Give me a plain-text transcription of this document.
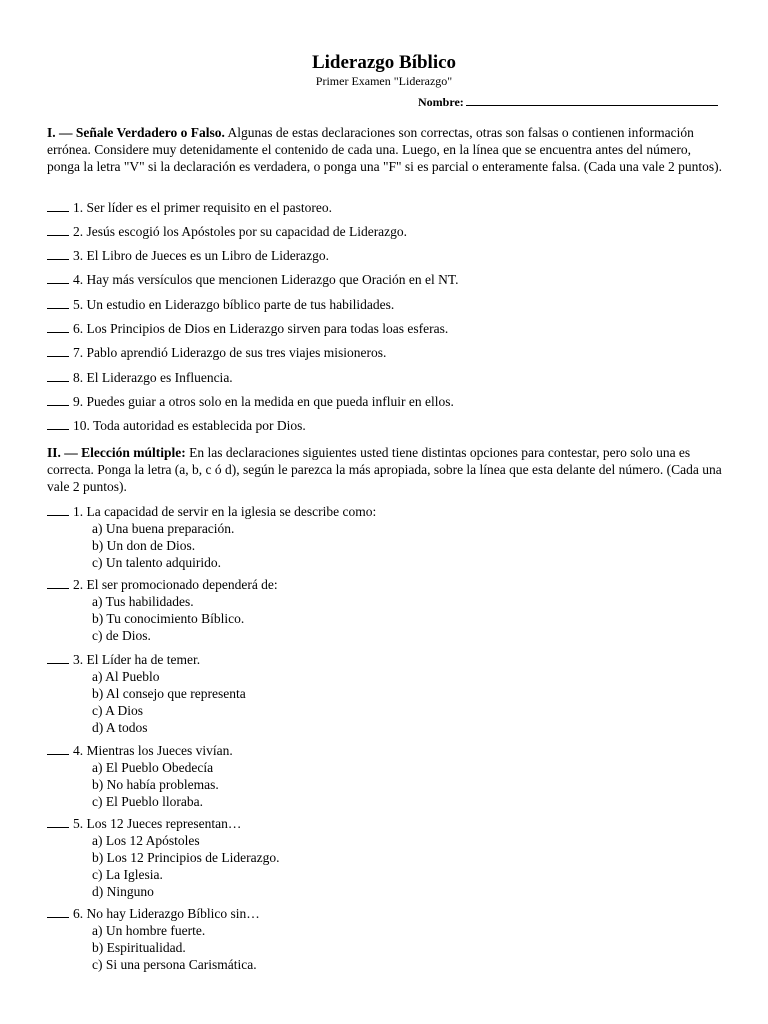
Liderazgo Bíblico
Primer Examen "Liderazgo"
Nombre:
I. — Señale Verdadero o Falso. Algunas de estas declaraciones son correctas, otras son falsas o contienen información errónea. Considere muy detenidamente el contenido de cada una. Luego, en la línea que se encuentra antes del número, ponga la letra "V" si la declaración es verdadera, o ponga una "F" si es parcial o enteramente falsa. (Cada una vale 2 puntos).
1. Ser líder es el primer requisito en el pastoreo.
2. Jesús escogió los Apóstoles por su capacidad de Liderazgo.
3. El Libro de Jueces es un Libro de Liderazgo.
4. Hay más versículos que mencionen Liderazgo que Oración en el NT.
5. Un estudio en Liderazgo bíblico parte de tus habilidades.
6. Los Principios de Dios en Liderazgo sirven para todas loas esferas.
7. Pablo aprendió Liderazgo de sus tres viajes misioneros.
8. El Liderazgo es Influencia.
9. Puedes guiar a otros solo en la medida en que pueda influir en ellos.
10. Toda autoridad es establecida por Dios.
II. — Elección múltiple: En las declaraciones siguientes usted tiene distintas opciones para contestar, pero solo una es correcta. Ponga la letra (a, b, c ó d), según le parezca la más apropiada, sobre la línea que esta delante del número. (Cada una vale 2 puntos).
1. La capacidad de servir en la iglesia se describe como:
a) Una buena preparación.
b) Un don de Dios.
c) Un talento adquirido.
2. El ser promocionado dependerá de:
a) Tus habilidades.
b) Tu conocimiento Bíblico.
c) de Dios.
3. El Líder ha de temer.
a) Al Pueblo
b) Al consejo que representa
c) A Dios
d) A todos
4. Mientras los Jueces vivían.
a) El Pueblo Obedecía
b) No había problemas.
c) El Pueblo lloraba.
5. Los 12 Jueces representan…
a) Los 12 Apóstoles
b) Los 12 Principios de Liderazgo.
c) La Iglesia.
d) Ninguno
6. No hay Liderazgo Bíblico sin…
a) Un hombre fuerte.
b) Espiritualidad.
c) Si una persona Carismática.
